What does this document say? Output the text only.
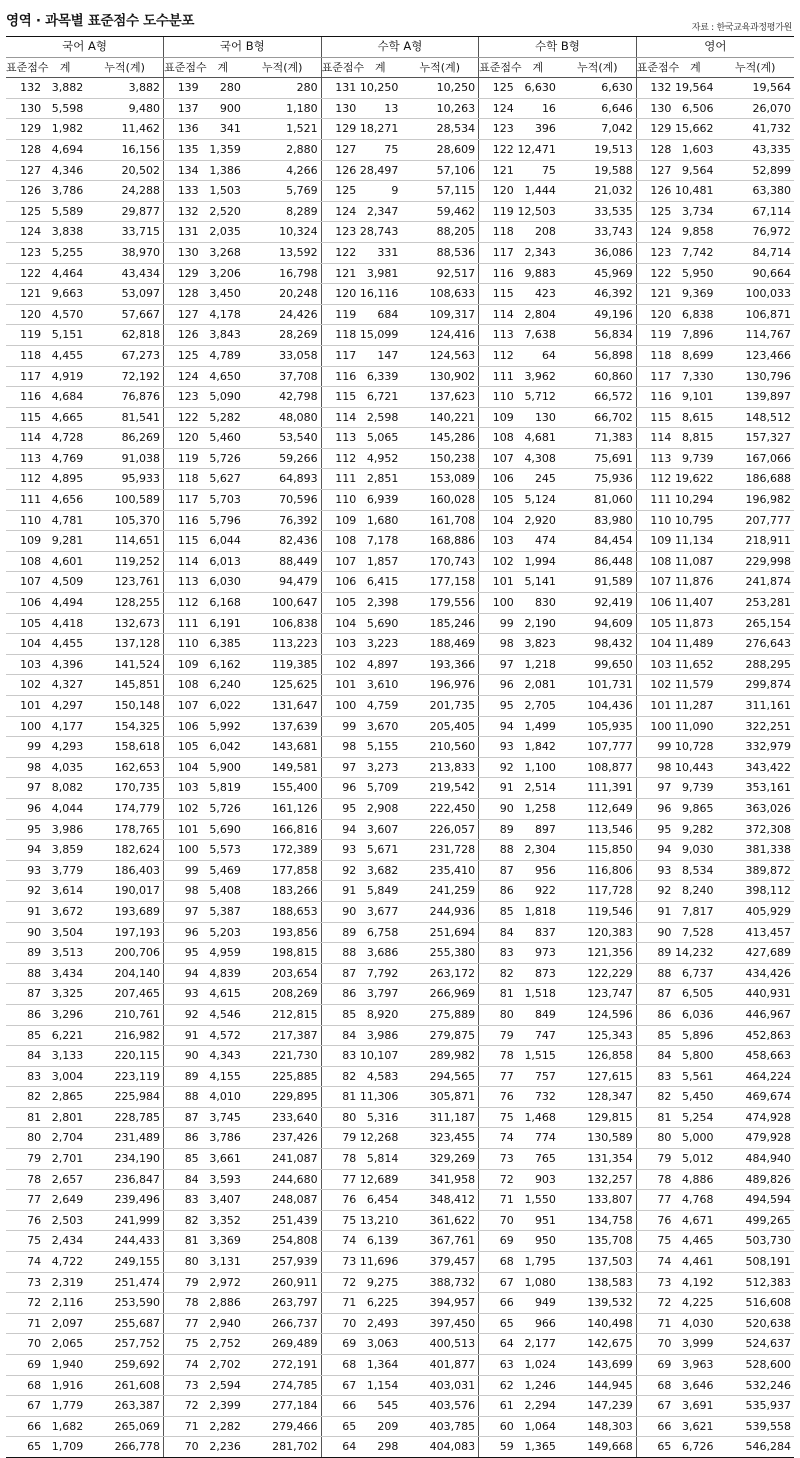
영역 · 과목별 표준점수 도수분포	자료 : 한국교육과정평가원
국어 A형			국어 B형			수학 A형			수학 B형			영어		
표준점수	계	누적(계)	표준점수	계	누적(계)	표준점수	계	누적(계)	표준점수	계	누적(계)	표준점수	계	누적(계)
132	3,882	3,882	139	280	280	131	10,250	10,250	125	6,630	6,630	132	19,564	19,564
130	5,598	9,480	137	900	1,180	130	13	10,263	124	16	6,646	130	6,506	26,070
129	1,982	11,462	136	341	1,521	129	18,271	28,534	123	396	7,042	129	15,662	41,732
128	4,694	16,156	135	1,359	2,880	127	75	28,609	122	12,471	19,513	128	1,603	43,335
127	4,346	20,502	134	1,386	4,266	126	28,497	57,106	121	75	19,588	127	9,564	52,899
126	3,786	24,288	133	1,503	5,769	125	9	57,115	120	1,444	21,032	126	10,481	63,380
125	5,589	29,877	132	2,520	8,289	124	2,347	59,462	119	12,503	33,535	125	3,734	67,114
124	3,838	33,715	131	2,035	10,324	123	28,743	88,205	118	208	33,743	124	9,858	76,972
123	5,255	38,970	130	3,268	13,592	122	331	88,536	117	2,343	36,086	123	7,742	84,714
122	4,464	43,434	129	3,206	16,798	121	3,981	92,517	116	9,883	45,969	122	5,950	90,664
121	9,663	53,097	128	3,450	20,248	120	16,116	108,633	115	423	46,392	121	9,369	100,033
120	4,570	57,667	127	4,178	24,426	119	684	109,317	114	2,804	49,196	120	6,838	106,871
119	5,151	62,818	126	3,843	28,269	118	15,099	124,416	113	7,638	56,834	119	7,896	114,767
118	4,455	67,273	125	4,789	33,058	117	147	124,563	112	64	56,898	118	8,699	123,466
117	4,919	72,192	124	4,650	37,708	116	6,339	130,902	111	3,962	60,860	117	7,330	130,796
116	4,684	76,876	123	5,090	42,798	115	6,721	137,623	110	5,712	66,572	116	9,101	139,897
115	4,665	81,541	122	5,282	48,080	114	2,598	140,221	109	130	66,702	115	8,615	148,512
114	4,728	86,269	120	5,460	53,540	113	5,065	145,286	108	4,681	71,383	114	8,815	157,327
113	4,769	91,038	119	5,726	59,266	112	4,952	150,238	107	4,308	75,691	113	9,739	167,066
112	4,895	95,933	118	5,627	64,893	111	2,851	153,089	106	245	75,936	112	19,622	186,688
111	4,656	100,589	117	5,703	70,596	110	6,939	160,028	105	5,124	81,060	111	10,294	196,982
110	4,781	105,370	116	5,796	76,392	109	1,680	161,708	104	2,920	83,980	110	10,795	207,777
109	9,281	114,651	115	6,044	82,436	108	7,178	168,886	103	474	84,454	109	11,134	218,911
108	4,601	119,252	114	6,013	88,449	107	1,857	170,743	102	1,994	86,448	108	11,087	229,998
107	4,509	123,761	113	6,030	94,479	106	6,415	177,158	101	5,141	91,589	107	11,876	241,874
106	4,494	128,255	112	6,168	100,647	105	2,398	179,556	100	830	92,419	106	11,407	253,281
105	4,418	132,673	111	6,191	106,838	104	5,690	185,246	99	2,190	94,609	105	11,873	265,154
104	4,455	137,128	110	6,385	113,223	103	3,223	188,469	98	3,823	98,432	104	11,489	276,643
103	4,396	141,524	109	6,162	119,385	102	4,897	193,366	97	1,218	99,650	103	11,652	288,295
102	4,327	145,851	108	6,240	125,625	101	3,610	196,976	96	2,081	101,731	102	11,579	299,874
101	4,297	150,148	107	6,022	131,647	100	4,759	201,735	95	2,705	104,436	101	11,287	311,161
100	4,177	154,325	106	5,992	137,639	99	3,670	205,405	94	1,499	105,935	100	11,090	322,251
99	4,293	158,618	105	6,042	143,681	98	5,155	210,560	93	1,842	107,777	99	10,728	332,979
98	4,035	162,653	104	5,900	149,581	97	3,273	213,833	92	1,100	108,877	98	10,443	343,422
97	8,082	170,735	103	5,819	155,400	96	5,709	219,542	91	2,514	111,391	97	9,739	353,161
96	4,044	174,779	102	5,726	161,126	95	2,908	222,450	90	1,258	112,649	96	9,865	363,026
95	3,986	178,765	101	5,690	166,816	94	3,607	226,057	89	897	113,546	95	9,282	372,308
94	3,859	182,624	100	5,573	172,389	93	5,671	231,728	88	2,304	115,850	94	9,030	381,338
93	3,779	186,403	99	5,469	177,858	92	3,682	235,410	87	956	116,806	93	8,534	389,872
92	3,614	190,017	98	5,408	183,266	91	5,849	241,259	86	922	117,728	92	8,240	398,112
91	3,672	193,689	97	5,387	188,653	90	3,677	244,936	85	1,818	119,546	91	7,817	405,929
90	3,504	197,193	96	5,203	193,856	89	6,758	251,694	84	837	120,383	90	7,528	413,457
89	3,513	200,706	95	4,959	198,815	88	3,686	255,380	83	973	121,356	89	14,232	427,689
88	3,434	204,140	94	4,839	203,654	87	7,792	263,172	82	873	122,229	88	6,737	434,426
87	3,325	207,465	93	4,615	208,269	86	3,797	266,969	81	1,518	123,747	87	6,505	440,931
86	3,296	210,761	92	4,546	212,815	85	8,920	275,889	80	849	124,596	86	6,036	446,967
85	6,221	216,982	91	4,572	217,387	84	3,986	279,875	79	747	125,343	85	5,896	452,863
84	3,133	220,115	90	4,343	221,730	83	10,107	289,982	78	1,515	126,858	84	5,800	458,663
83	3,004	223,119	89	4,155	225,885	82	4,583	294,565	77	757	127,615	83	5,561	464,224
82	2,865	225,984	88	4,010	229,895	81	11,306	305,871	76	732	128,347	82	5,450	469,674
81	2,801	228,785	87	3,745	233,640	80	5,316	311,187	75	1,468	129,815	81	5,254	474,928
80	2,704	231,489	86	3,786	237,426	79	12,268	323,455	74	774	130,589	80	5,000	479,928
79	2,701	234,190	85	3,661	241,087	78	5,814	329,269	73	765	131,354	79	5,012	484,940
78	2,657	236,847	84	3,593	244,680	77	12,689	341,958	72	903	132,257	78	4,886	489,826
77	2,649	239,496	83	3,407	248,087	76	6,454	348,412	71	1,550	133,807	77	4,768	494,594
76	2,503	241,999	82	3,352	251,439	75	13,210	361,622	70	951	134,758	76	4,671	499,265
75	2,434	244,433	81	3,369	254,808	74	6,139	367,761	69	950	135,708	75	4,465	503,730
74	4,722	249,155	80	3,131	257,939	73	11,696	379,457	68	1,795	137,503	74	4,461	508,191
73	2,319	251,474	79	2,972	260,911	72	9,275	388,732	67	1,080	138,583	73	4,192	512,383
72	2,116	253,590	78	2,886	263,797	71	6,225	394,957	66	949	139,532	72	4,225	516,608
71	2,097	255,687	77	2,940	266,737	70	2,493	397,450	65	966	140,498	71	4,030	520,638
70	2,065	257,752	75	2,752	269,489	69	3,063	400,513	64	2,177	142,675	70	3,999	524,637
69	1,940	259,692	74	2,702	272,191	68	1,364	401,877	63	1,024	143,699	69	3,963	528,600
68	1,916	261,608	73	2,594	274,785	67	1,154	403,031	62	1,246	144,945	68	3,646	532,246
67	1,779	263,387	72	2,399	277,184	66	545	403,576	61	2,294	147,239	67	3,691	535,937
66	1,682	265,069	71	2,282	279,466	65	209	403,785	60	1,064	148,303	66	3,621	539,558
65	1,709	266,778	70	2,236	281,702	64	298	404,083	59	1,365	149,668	65	6,726	546,284
